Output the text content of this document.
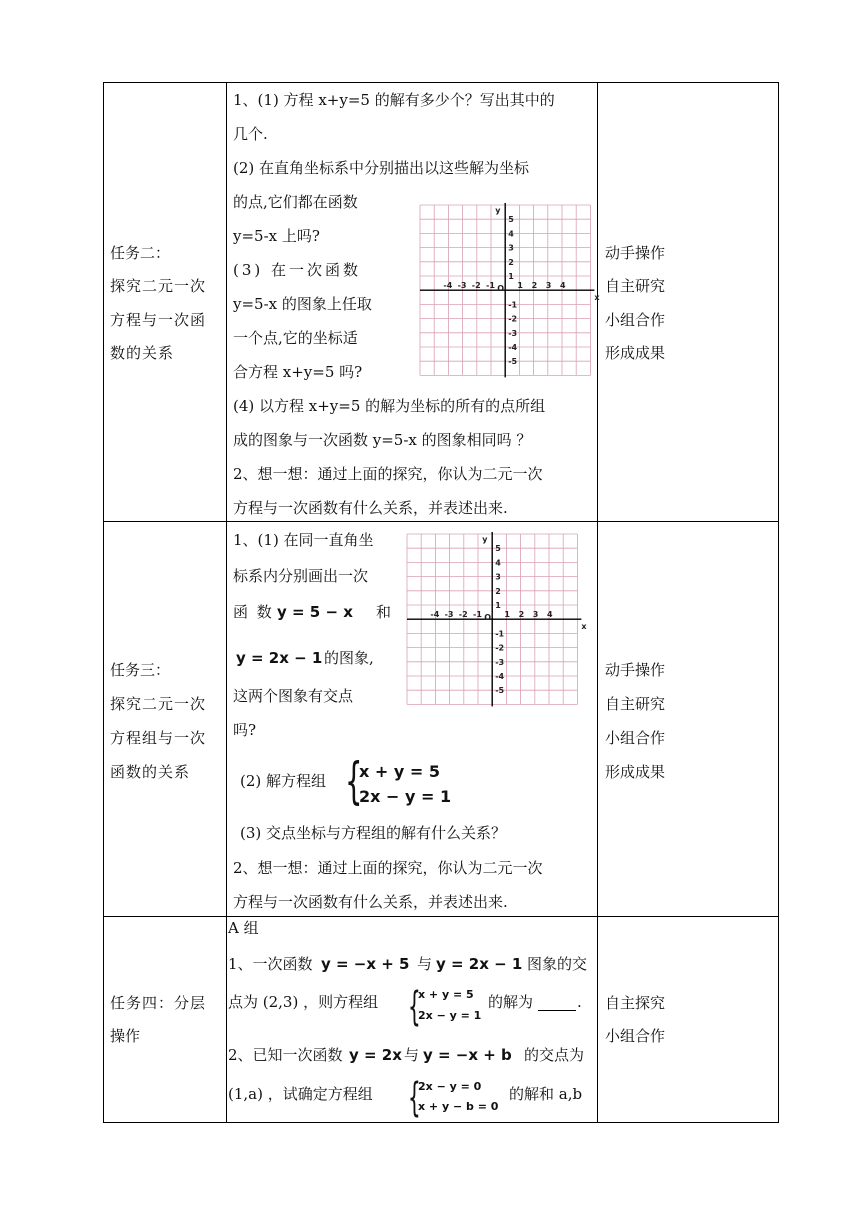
任务二：
探究二元一次
方程与一次函
数的关系
动手操作
自主研究
小组合作
形成成果
1、(1) 方程 x+y=5 的解有多少个？写出其中的
几个.
(2) 在直角坐标系中分别描出以这些解为坐标
的点,它们都在函数
y=5-x 上吗?
(3) 在一次函数
y=5-x 的图象上任取
一个点,它的坐标适
合方程 x+y=5 吗?
(4) 以方程 x+y=5 的解为坐标的所有的点所组
成的图象与一次函数 y=5-x 的图象相同吗 ？
2、想一想：通过上面的探究，你认为二元一次
方程与一次函数有什么关系，并表述出来.
-4 -3 -2 -1 O 1 2 3 4
5
4
3
2
1
-1
-2
-3
-4
-5
x
y
任务三：
探究二元一次
方程组与一次
函数的关系
动手操作
自主研究
小组合作
形成成果
1、(1) 在同一直角坐
标系内分别画出一次
函 数 y = 5 − x 和
y = 2x − 1 的图象,
这两个图象有交点
吗?
(2) 解方程组 {
x + y = 5
2x − y = 1
(3) 交点坐标与方程组的解有什么关系？
2、想一想：通过上面的探究，你认为二元一次
方程与一次函数有什么关系，并表述出来.
-4 -3 -2 -1 O 1 2 3 4
5
4
3
2
1
-1
-2
-3
-4
-5
x
y
任务四：分层
操作
自主探究
小组合作
A 组
1、一次函数 y = −x + 5 与 y = 2x − 1 图象的交
点为 (2,3) ，则方程组 {
x + y = 5
2x − y = 1
的解为	.
2、已知一次函数 y = 2x 与 y = −x + b 的交点为
(1,a) ，试确定方程组 {
2x − y = 0
x + y − b = 0
的解和 a,b
